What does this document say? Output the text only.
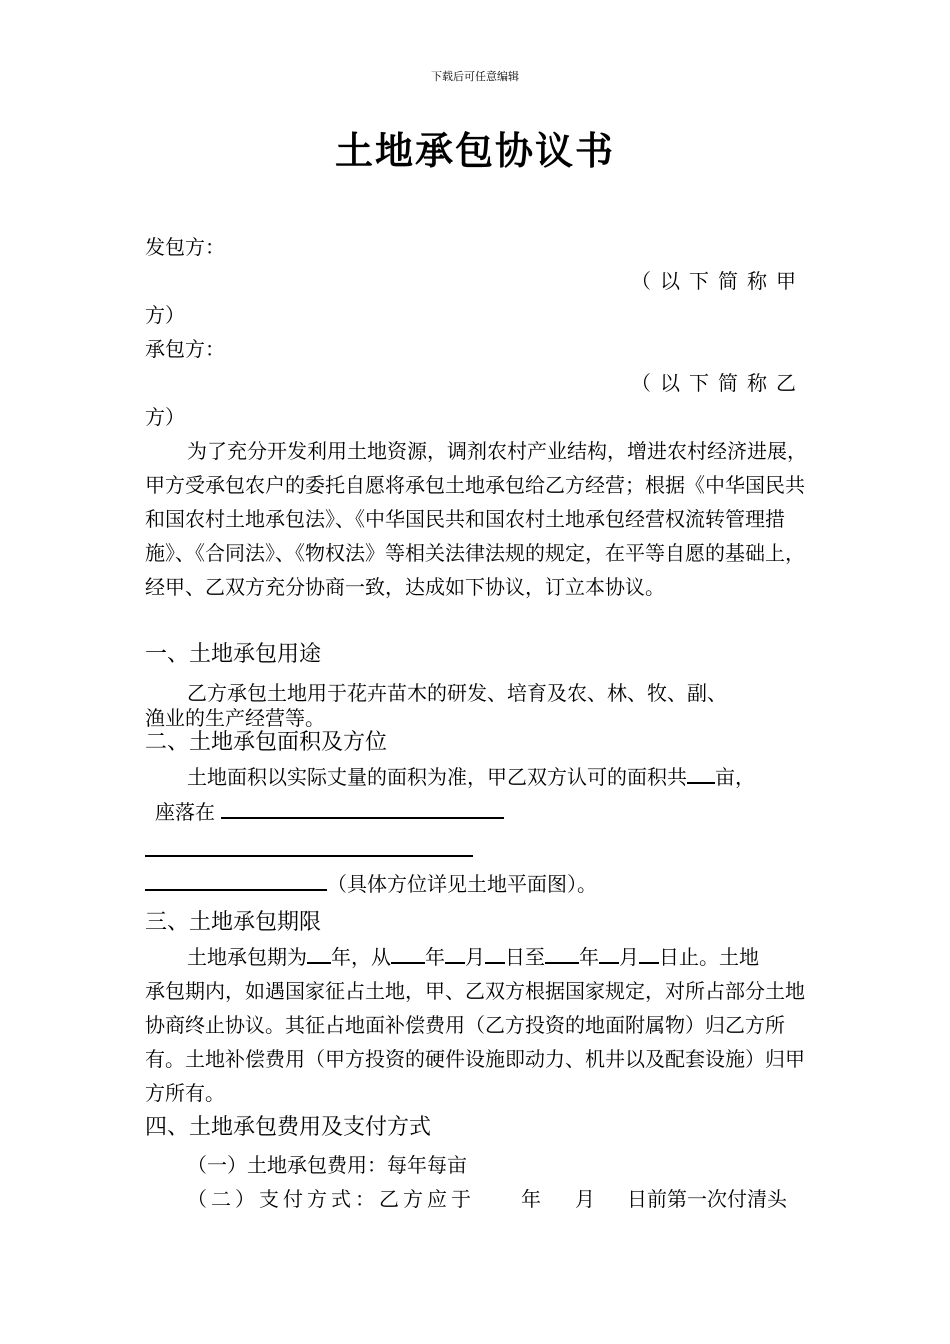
下载后可任意编辑
土地承包协议书
发包方：
（以下简称甲
方）
承包方：
（以下简称乙
方）
为了充分开发利用土地资源，调剂农村产业结构，增进农村经济进展，甲方受承包农户的委托自愿将承包土地承包给乙方经营；根据《中华国民共和国农村土地承包法》、《中华国民共和国农村土地承包经营权流转管理措施》、《合同法》、《物权法》等相关法律法规的规定，在平等自愿的基础上，经甲、乙双方充分协商一致，达成如下协议，订立本协议。
一、土地承包用途
乙方承包土地用于花卉苗木的研发、培育及农、林、牧、副、
渔业的生产经营等。
二、土地承包面积及方位
土地面积以实际丈量的面积为准，甲乙双方认可的面积共 亩，
座落在
（具体方位详见土地平面图）。
三、土地承包期限
土地承包期为 年，从 年 月 日至 年 月 日止。土地
承包期内，如遇国家征占土地，甲、乙双方根据国家规定，对所占部分土地协商终止协议。其征占地面补偿费用（乙方投资的地面附属物）归乙方所有。土地补偿费用（甲方投资的硬件设施即动力、机井以及配套设施）归甲方所有。
四、土地承包费用及支付方式
（一）土地承包费用：每年每亩
（二）支付方式：乙方应于 年 月 日前第一次付清头
